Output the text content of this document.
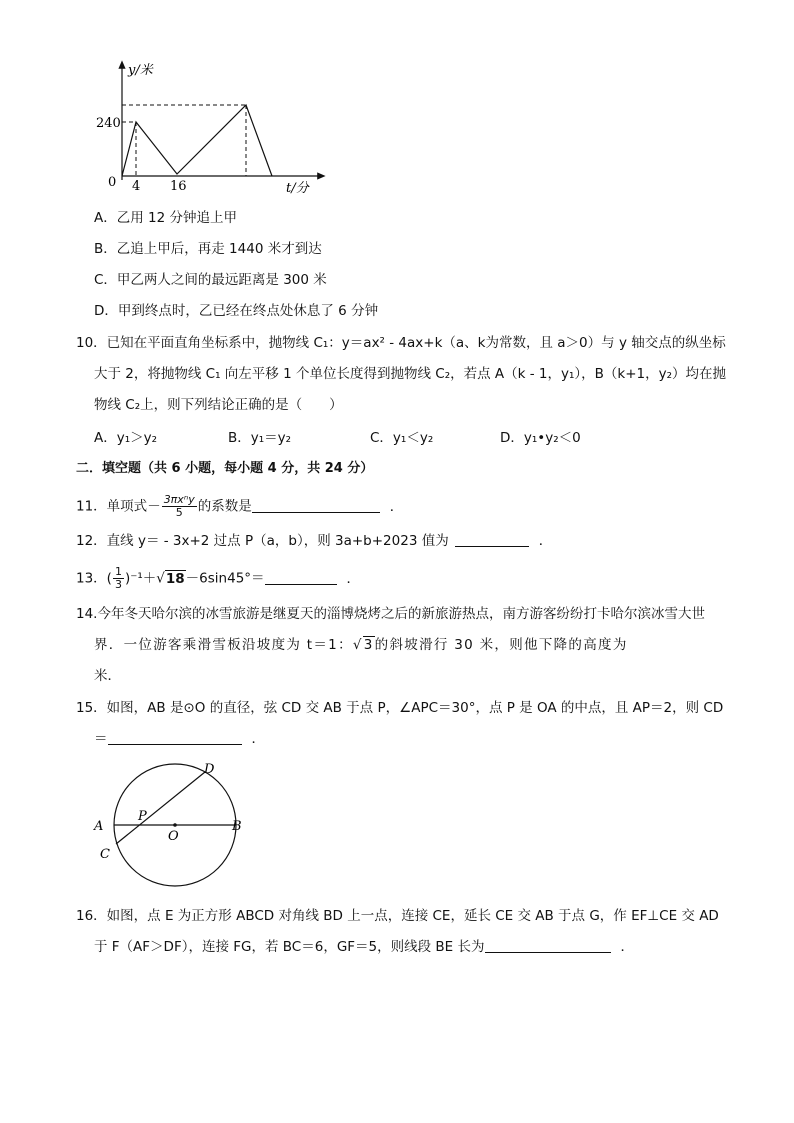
y/米
t/分
0
240
4 16
A．乙用 12 分钟追上甲
B．乙追上甲后，再走 1440 米才到达
C．甲乙两人之间的最远距离是 300 米
D．甲到终点时，乙已经在终点处休息了 6 分钟
10．已知在平面直角坐标系中，抛物线 C₁：y＝ax² - 4ax+k（a、k为常数，且 a＞0）与 y 轴交点的纵坐标
大于 2，将抛物线 C₁ 向左平移 1 个单位长度得到抛物线 C₂，若点 A（k - 1，y₁），B（k+1，y₂）均在抛
物线 C₂上，则下列结论正确的是（　　）
A．y₁＞y₂	B．y₁＝y₂	C．y₁＜y₂	D．y₁•y₂＜0
二．填空题（共 6 小题，每小题 4 分，共 24 分）
11．单项式－ $\frac{\text{3πxⁿy}}{5}$ 的系数是	．
12．直线 y＝ - 3x+2 过点 P（a，b），则 3a+b+2023 值为	．
13．( $\frac{1}{3} )^{-1}+√18-6\sin 45^\circ=$	．
14.今年冬天哈尔滨的冰雪旅游是继夏天的淄博烧烤之后的新旅游热点，南方游客纷纷打卡哈尔滨冰雪大世
界．一位游客乘滑雪板沿坡度为 t＝1：√3的斜坡滑行 30 米，则他下降的高度为
米．
15．如图，AB 是⊙O 的直径，弦 CD 交 AB 于点 P，∠APC＝30°，点 P 是 OA 的中点，且 AP＝2，则 CD
＝	．
A	B
C
D
P
O
16．如图，点 E 为正方形 ABCD 对角线 BD 上一点，连接 CE，延长 CE 交 AB 于点 G，作 EF⊥CE 交 AD
于 F（AF＞DF），连接 FG，若 BC＝6，GF＝5，则线段 BE 长为	．
